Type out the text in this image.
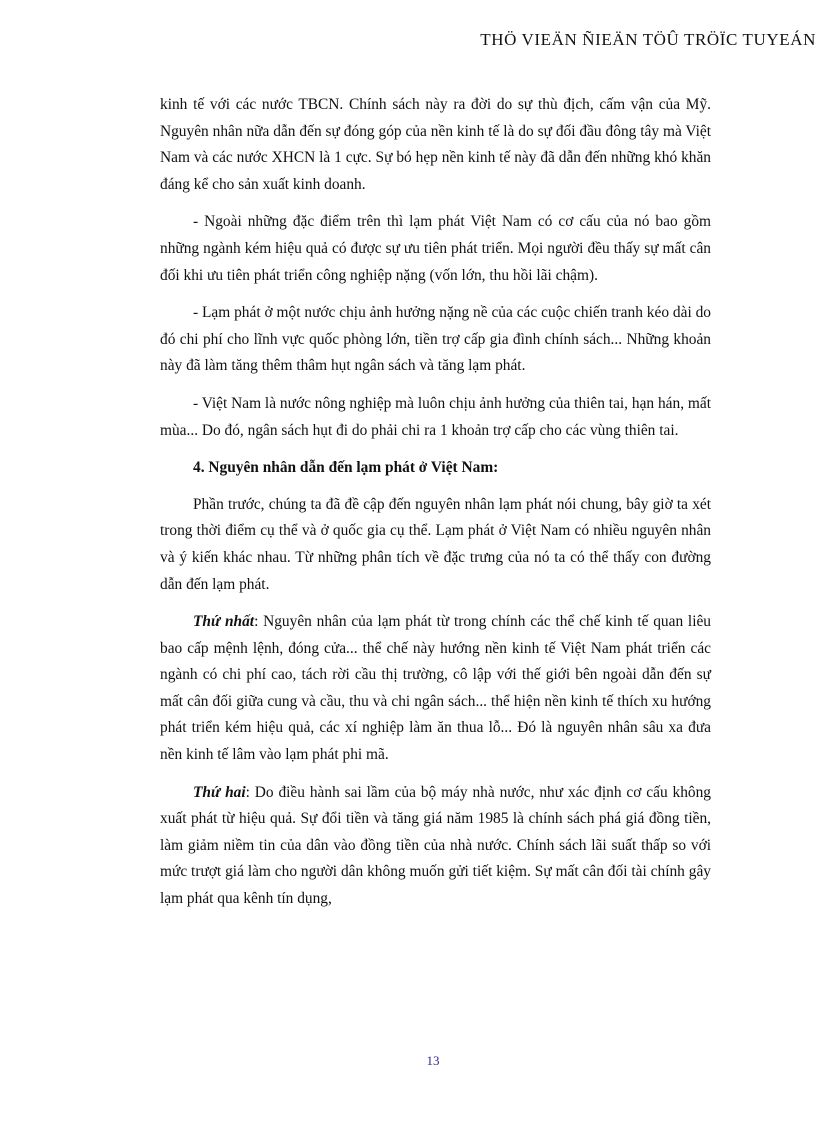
THÖ VIEÄN ÑIEÄN TÖÛ TRÖÏC TUYEÁN

kinh tế với các nước TBCN. Chính sách này ra đời do sự thù địch, cấm vận của Mỹ. Nguyên nhân nữa dẫn đến sự đóng góp của nền kinh tế là do sự đối đầu đông tây mà Việt Nam và các nước XHCN là 1 cực. Sự bó hẹp nền kinh tế này đã dẫn đến những khó khăn đáng kể cho sản xuất kinh doanh.

- Ngoài những đặc điểm trên thì lạm phát Việt Nam có cơ cấu của nó bao gồm những ngành kém hiệu quả có được sự ưu tiên phát triển. Mọi người đều thấy sự mất cân đối khi ưu tiên phát triển công nghiệp nặng (vốn lớn, thu hồi lãi chậm).

- Lạm phát ở một nước chịu ảnh hưởng nặng nề của các cuộc chiến tranh kéo dài do đó chi phí cho lĩnh vực quốc phòng lớn, tiền trợ cấp gia đình chính sách... Những khoản này đã làm tăng thêm thâm hụt ngân sách và tăng lạm phát.

- Việt Nam là nước nông nghiệp mà luôn chịu ảnh hưởng của thiên tai, hạn hán, mất mùa... Do đó, ngân sách hụt đi do phải chi ra 1 khoản trợ cấp cho các vùng thiên tai.

4. Nguyên nhân dẫn đến lạm phát ở Việt Nam:

Phần trước, chúng ta đã đề cập đến nguyên nhân lạm phát nói chung, bây giờ ta xét trong thời điểm cụ thể và ở quốc gia cụ thể. Lạm phát ở Việt Nam có nhiều nguyên nhân và ý kiến khác nhau. Từ những phân tích về đặc trưng của nó ta có thể thấy con đường dẫn đến lạm phát.

Thứ nhất: Nguyên nhân của lạm phát từ trong chính các thể chế kinh tế quan liêu bao cấp mệnh lệnh, đóng cửa... thể chế này hướng nền kinh tế Việt Nam phát triển các ngành có chi phí cao, tách rời cầu thị trường, cô lập với thế giới bên ngoài dẫn đến sự mất cân đối giữa cung và cầu, thu và chi ngân sách... thể hiện nền kinh tế thích xu hướng phát triển kém hiệu quả, các xí nghiệp làm ăn thua lỗ... Đó là nguyên nhân sâu xa đưa nền kinh tế lâm vào lạm phát phi mã.

Thứ hai: Do điều hành sai lầm của bộ máy nhà nước, như xác định cơ cấu không xuất phát từ hiệu quả. Sự đổi tiền và tăng giá năm 1985 là chính sách phá giá đồng tiền, làm giảm niềm tin của dân vào đồng tiền của nhà nước. Chính sách lãi suất thấp so với mức trượt giá làm cho người dân không muốn gửi tiết kiệm. Sự mất cân đối tài chính gây lạm phát qua kênh tín dụng,

13
